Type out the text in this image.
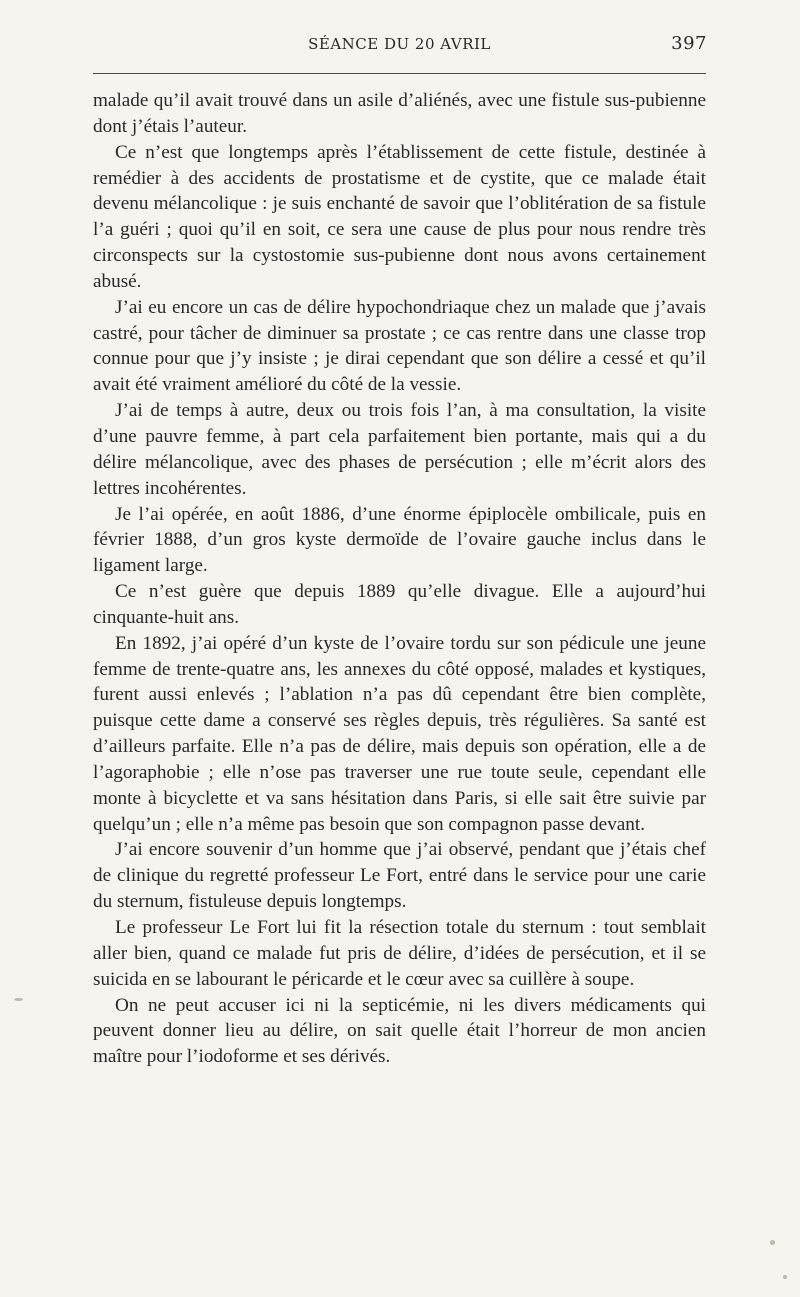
SÉANCE DU 20 AVRIL	397

malade qu’il avait trouvé dans un asile d’aliénés, avec une fistule sus-pubienne dont j’étais l’auteur.

Ce n’est que longtemps après l’établissement de cette fistule, destinée à remédier à des accidents de prostatisme et de cystite, que ce malade était devenu mélancolique : je suis enchanté de savoir que l’oblitération de sa fistule l’a guéri ; quoi qu’il en soit, ce sera une cause de plus pour nous rendre très circonspects sur la cystostomie sus-pubienne dont nous avons certainement abusé.

J’ai eu encore un cas de délire hypochondriaque chez un malade que j’avais castré, pour tâcher de diminuer sa prostate ; ce cas rentre dans une classe trop connue pour que j’y insiste ; je dirai cependant que son délire a cessé et qu’il avait été vraiment amélioré du côté de la vessie.

J’ai de temps à autre, deux ou trois fois l’an, à ma consultation, la visite d’une pauvre femme, à part cela parfaitement bien portante, mais qui a du délire mélancolique, avec des phases de persécution ; elle m’écrit alors des lettres incohérentes.

Je l’ai opérée, en août 1886, d’une énorme épiplocèle ombilicale, puis en février 1888, d’un gros kyste dermoïde de l’ovaire gauche inclus dans le ligament large.

Ce n’est guère que depuis 1889 qu’elle divague. Elle a aujourd’hui cinquante-huit ans.

En 1892, j’ai opéré d’un kyste de l’ovaire tordu sur son pédicule une jeune femme de trente-quatre ans, les annexes du côté opposé, malades et kystiques, furent aussi enlevés ; l’ablation n’a pas dû cependant être bien complète, puisque cette dame a conservé ses règles depuis, très régulières. Sa santé est d’ailleurs parfaite. Elle n’a pas de délire, mais depuis son opération, elle a de l’agoraphobie ; elle n’ose pas traverser une rue toute seule, cependant elle monte à bicyclette et va sans hésitation dans Paris, si elle sait être suivie par quelqu’un ; elle n’a même pas besoin que son compagnon passe devant.

J’ai encore souvenir d’un homme que j’ai observé, pendant que j’étais chef de clinique du regretté professeur Le Fort, entré dans le service pour une carie du sternum, fistuleuse depuis longtemps.

Le professeur Le Fort lui fit la résection totale du sternum : tout semblait aller bien, quand ce malade fut pris de délire, d’idées de persécution, et il se suicida en se labourant le péricarde et le cœur avec sa cuillère à soupe.

On ne peut accuser ici ni la septicémie, ni les divers médicaments qui peuvent donner lieu au délire, on sait quelle était l’horreur de mon ancien maître pour l’iodoforme et ses dérivés.
